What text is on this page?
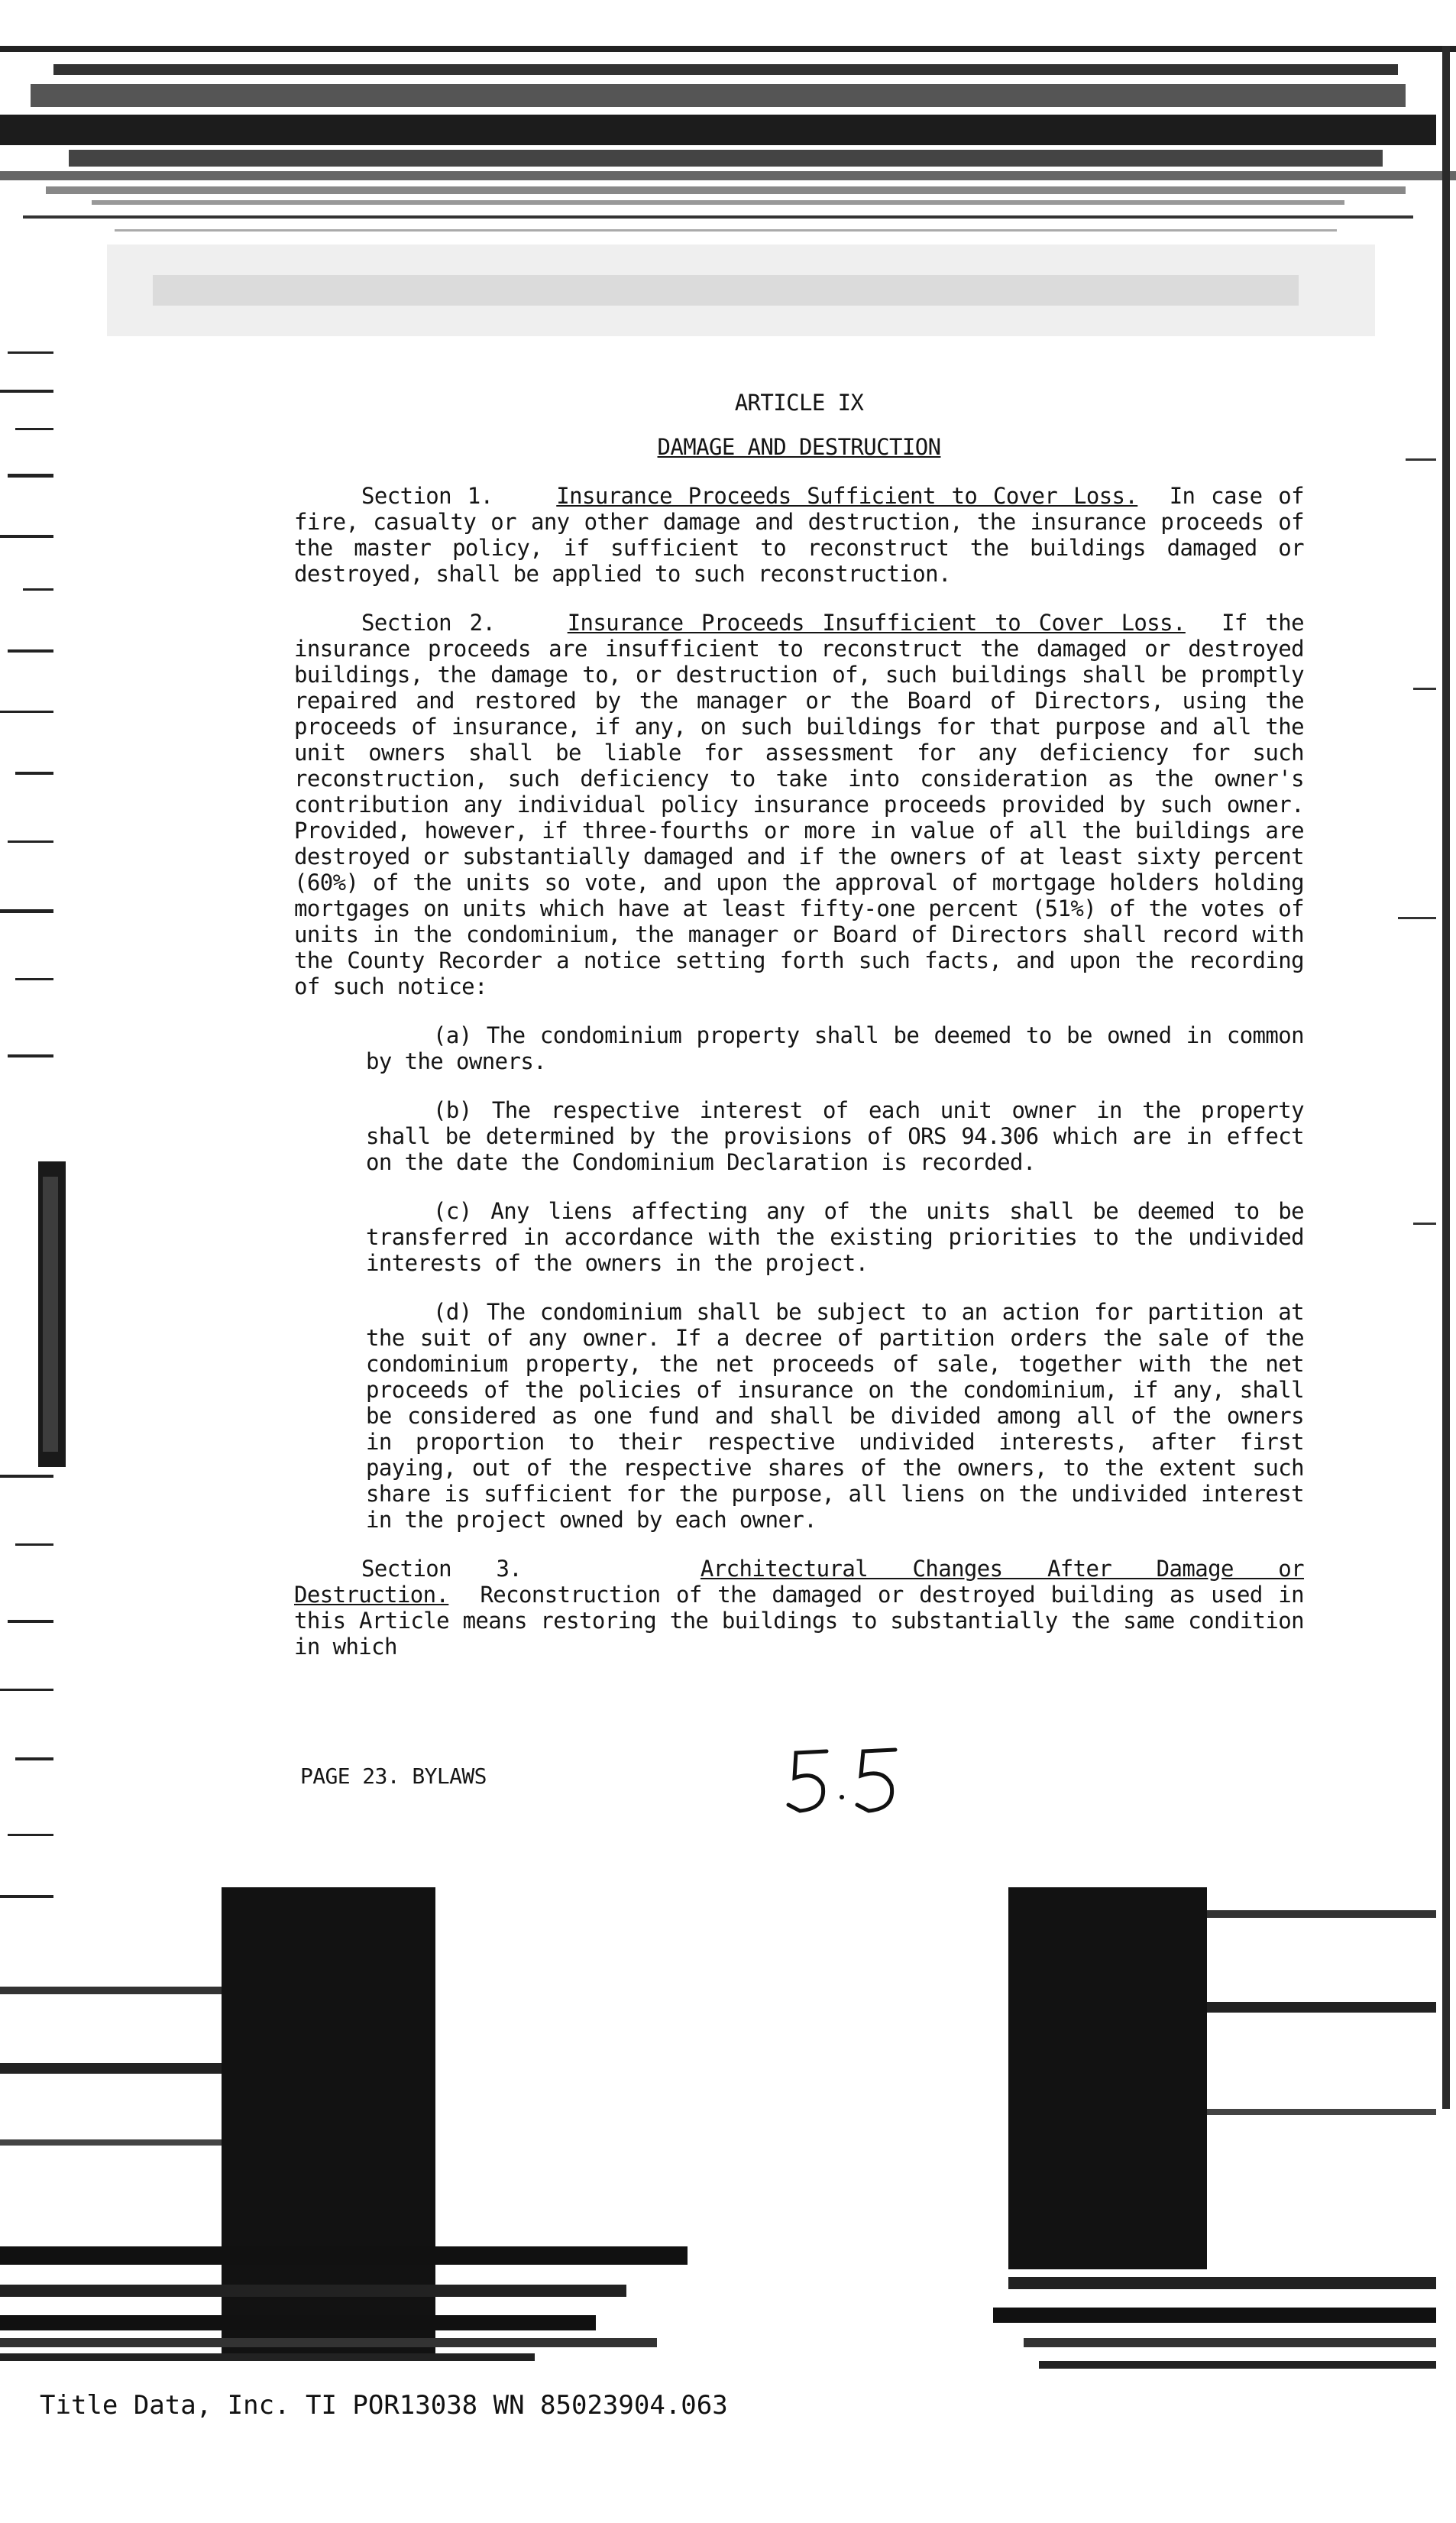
ARTICLE IX
DAMAGE AND DESTRUCTION

Section 1.	Insurance Proceeds Sufficient to Cover Loss. In case of fire, casualty or any other damage and destruction, the insurance proceeds of the master policy, if sufficient to reconstruct the buildings damaged or destroyed, shall be applied to such reconstruction.

Section 2.	Insurance Proceeds Insufficient to Cover Loss. If the insurance proceeds are insufficient to reconstruct the damaged or destroyed buildings, the damage to, or destruction of, such buildings shall be promptly repaired and restored by the manager or the Board of Directors, using the proceeds of insurance, if any, on such buildings for that purpose and all the unit owners shall be liable for assessment for any deficiency for such reconstruction, such deficiency to take into consideration as the owner's contribution any individual policy insurance proceeds provided by such owner. Provided, however, if three-fourths or more in value of all the buildings are destroyed or substantially damaged and if the owners of at least sixty percent (60%) of the units so vote, and upon the approval of mortgage holders holding mortgages on units which have at least fifty-one percent (51%) of the votes of units in the condominium, the manager or Board of Directors shall record with the County Recorder a notice setting forth such facts, and upon the recording of such notice:

(a) The condominium property shall be deemed to be owned in common by the owners.

(b) The respective interest of each unit owner in the property shall be determined by the provisions of ORS 94.306 which are in effect on the date the Condominium Declaration is recorded.

(c) Any liens affecting any of the units shall be deemed to be transferred in accordance with the existing priorities to the undivided interests of the owners in the project.

(d) The condominium shall be subject to an action for partition at the suit of any owner. If a decree of partition orders the sale of the condominium property, the net proceeds of sale, together with the net proceeds of the policies of insurance on the condominium, if any, shall be considered as one fund and shall be divided among all of the owners in proportion to their respective undivided interests, after first paying, out of the respective shares of the owners, to the extent such share is sufficient for the purpose, all liens on the undivided interest in the project owned by each owner.

Section 3.	Architectural Changes After Damage or Destruction. Reconstruction of the damaged or destroyed building as used in this Article means restoring the buildings to substantially the same condition in which

PAGE 23. BYLAWS
Title Data, Inc. TI POR13038 WN 85023904.063
